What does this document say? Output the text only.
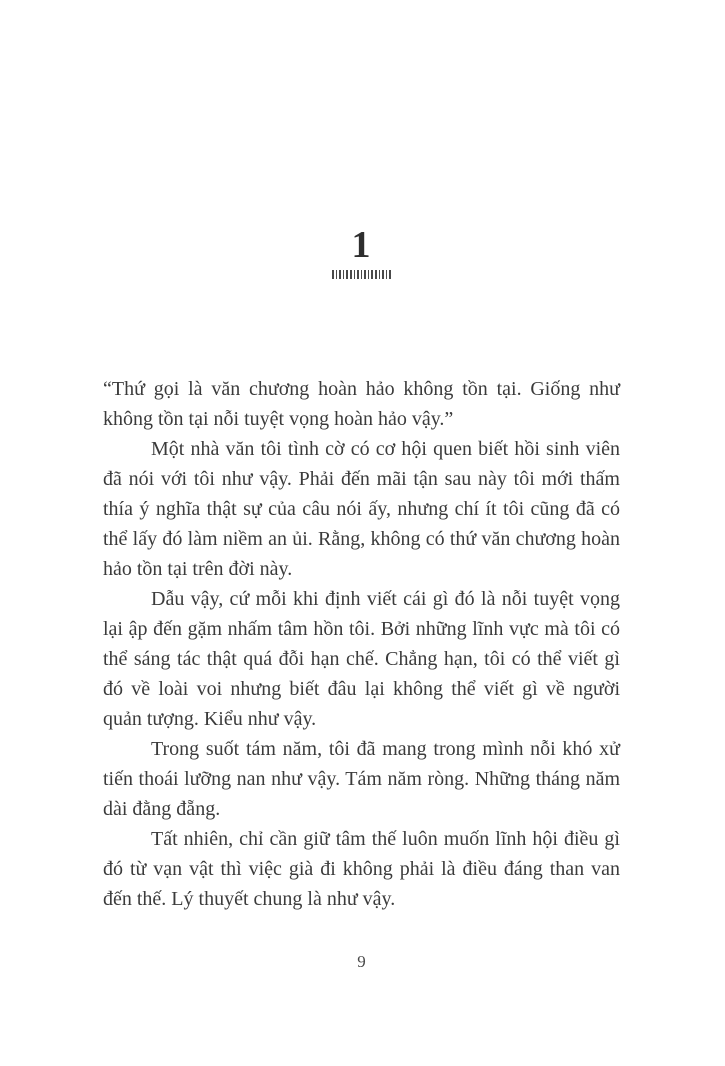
1

“Thứ gọi là văn chương hoàn hảo không tồn tại. Giống như không tồn tại nỗi tuyệt vọng hoàn hảo vậy.”

Một nhà văn tôi tình cờ có cơ hội quen biết hồi sinh viên đã nói với tôi như vậy. Phải đến mãi tận sau này tôi mới thấm thía ý nghĩa thật sự của câu nói ấy, nhưng chí ít tôi cũng đã có thể lấy đó làm niềm an ủi. Rằng, không có thứ văn chương hoàn hảo tồn tại trên đời này.

Dẫu vậy, cứ mỗi khi định viết cái gì đó là nỗi tuyệt vọng lại ập đến gặm nhấm tâm hồn tôi. Bởi những lĩnh vực mà tôi có thể sáng tác thật quá đỗi hạn chế. Chẳng hạn, tôi có thể viết gì đó về loài voi nhưng biết đâu lại không thể viết gì về người quản tượng. Kiểu như vậy.

Trong suốt tám năm, tôi đã mang trong mình nỗi khó xử tiến thoái lưỡng nan như vậy. Tám năm ròng. Những tháng năm dài đằng đẵng.

Tất nhiên, chỉ cần giữ tâm thế luôn muốn lĩnh hội điều gì đó từ vạn vật thì việc già đi không phải là điều đáng than van đến thế. Lý thuyết chung là như vậy.

9
